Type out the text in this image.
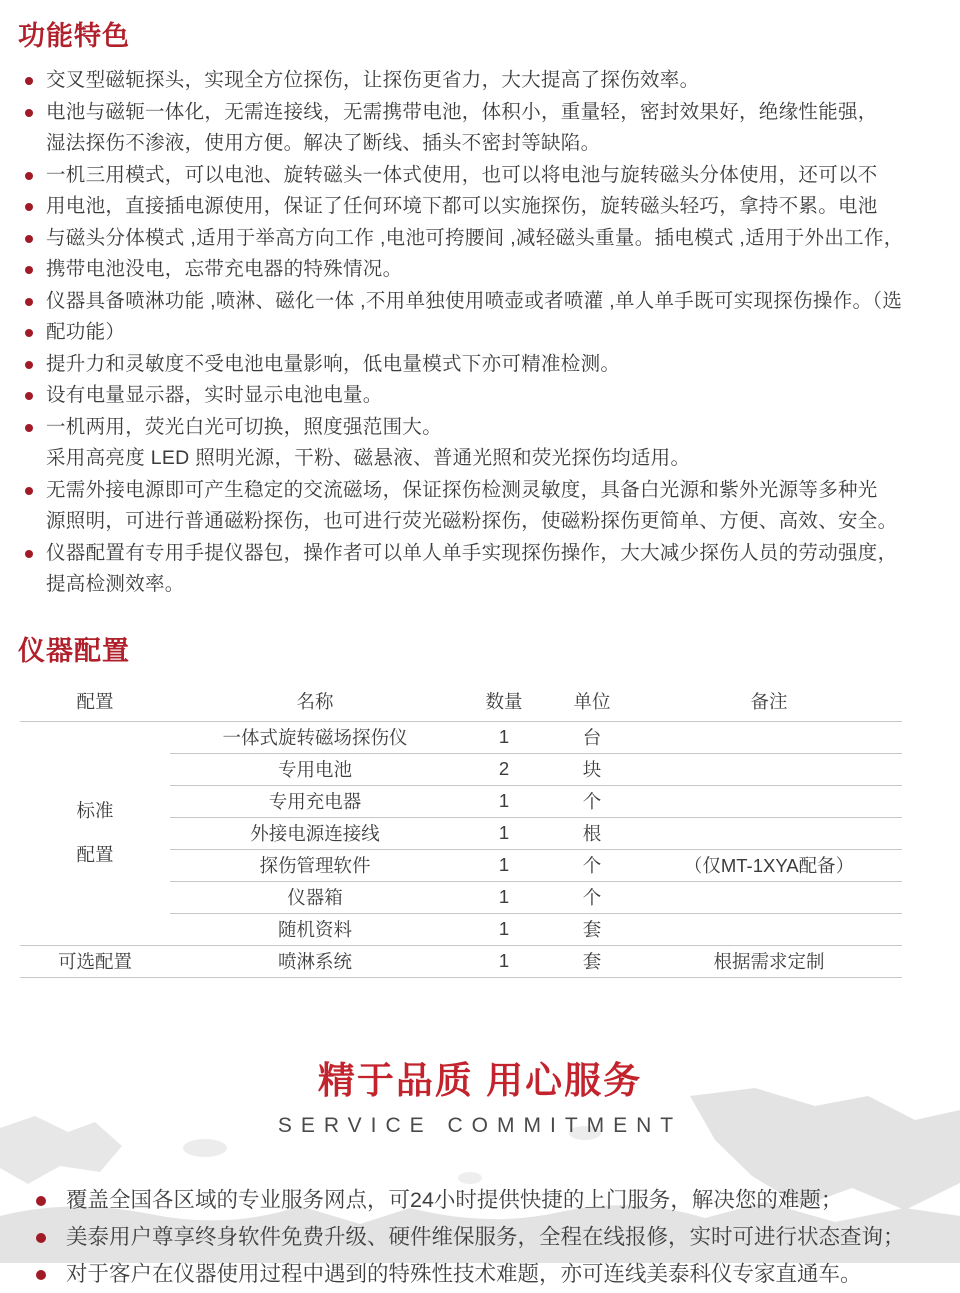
功能特色
交叉型磁轭探头，实现全方位探伤，让探伤更省力，大大提高了探伤效率。
电池与磁轭一体化，无需连接线，无需携带电池，体积小，重量轻，密封效果好，绝缘性能强，
湿法探伤不渗液，使用方便。解决了断线、插头不密封等缺陷。
一机三用模式，可以电池、旋转磁头一体式使用，也可以将电池与旋转磁头分体使用，还可以不
用电池，直接插电源使用，保证了任何环境下都可以实施探伤，旋转磁头轻巧，拿持不累。电池
与磁头分体模式 ,适用于举高方向工作 ,电池可挎腰间 ,减轻磁头重量。插电模式 ,适用于外出工作，
携带电池没电，忘带充电器的特殊情况。
仪器具备喷淋功能 ,喷淋、磁化一体 ,不用单独使用喷壶或者喷灌 ,单人单手既可实现探伤操作。（选
配功能）
提升力和灵敏度不受电池电量影响，低电量模式下亦可精准检测。
设有电量显示器，实时显示电池电量。
一机两用，荧光白光可切换，照度强范围大。
采用高亮度 LED 照明光源，干粉、磁悬液、普通光照和荧光探伤均适用。
无需外接电源即可产生稳定的交流磁场，保证探伤检测灵敏度，具备白光源和紫外光源等多种光
源照明，可进行普通磁粉探伤，也可进行荧光磁粉探伤，使磁粉探伤更简单、方便、高效、安全。
仪器配置有专用手提仪器包，操作者可以单人单手实现探伤操作，大大减少探伤人员的劳动强度，
提高检测效率。
仪器配置
配置	名称	数量	单位	备注

标准
配置	一体式旋转磁场探伤仪	1	台	

专用电池	2	块	

专用充电器	1	个	

外接电源连接线	1	根	

探伤管理软件	1	个	（仅MT-1XYA配备）

仪器箱	1	个	

随机资料	1	套	

可选配置	喷淋系统	1	套	根据需求定制
精于品质 用心服务
SERVICE COMMITMENT
覆盖全国各区域的专业服务网点，可24小时提供快捷的上门服务，解决您的难题；
美泰用户尊享终身软件免费升级、硬件维保服务，全程在线报修，实时可进行状态查询；
对于客户在仪器使用过程中遇到的特殊性技术难题，亦可连线美泰科仪专家直通车。
